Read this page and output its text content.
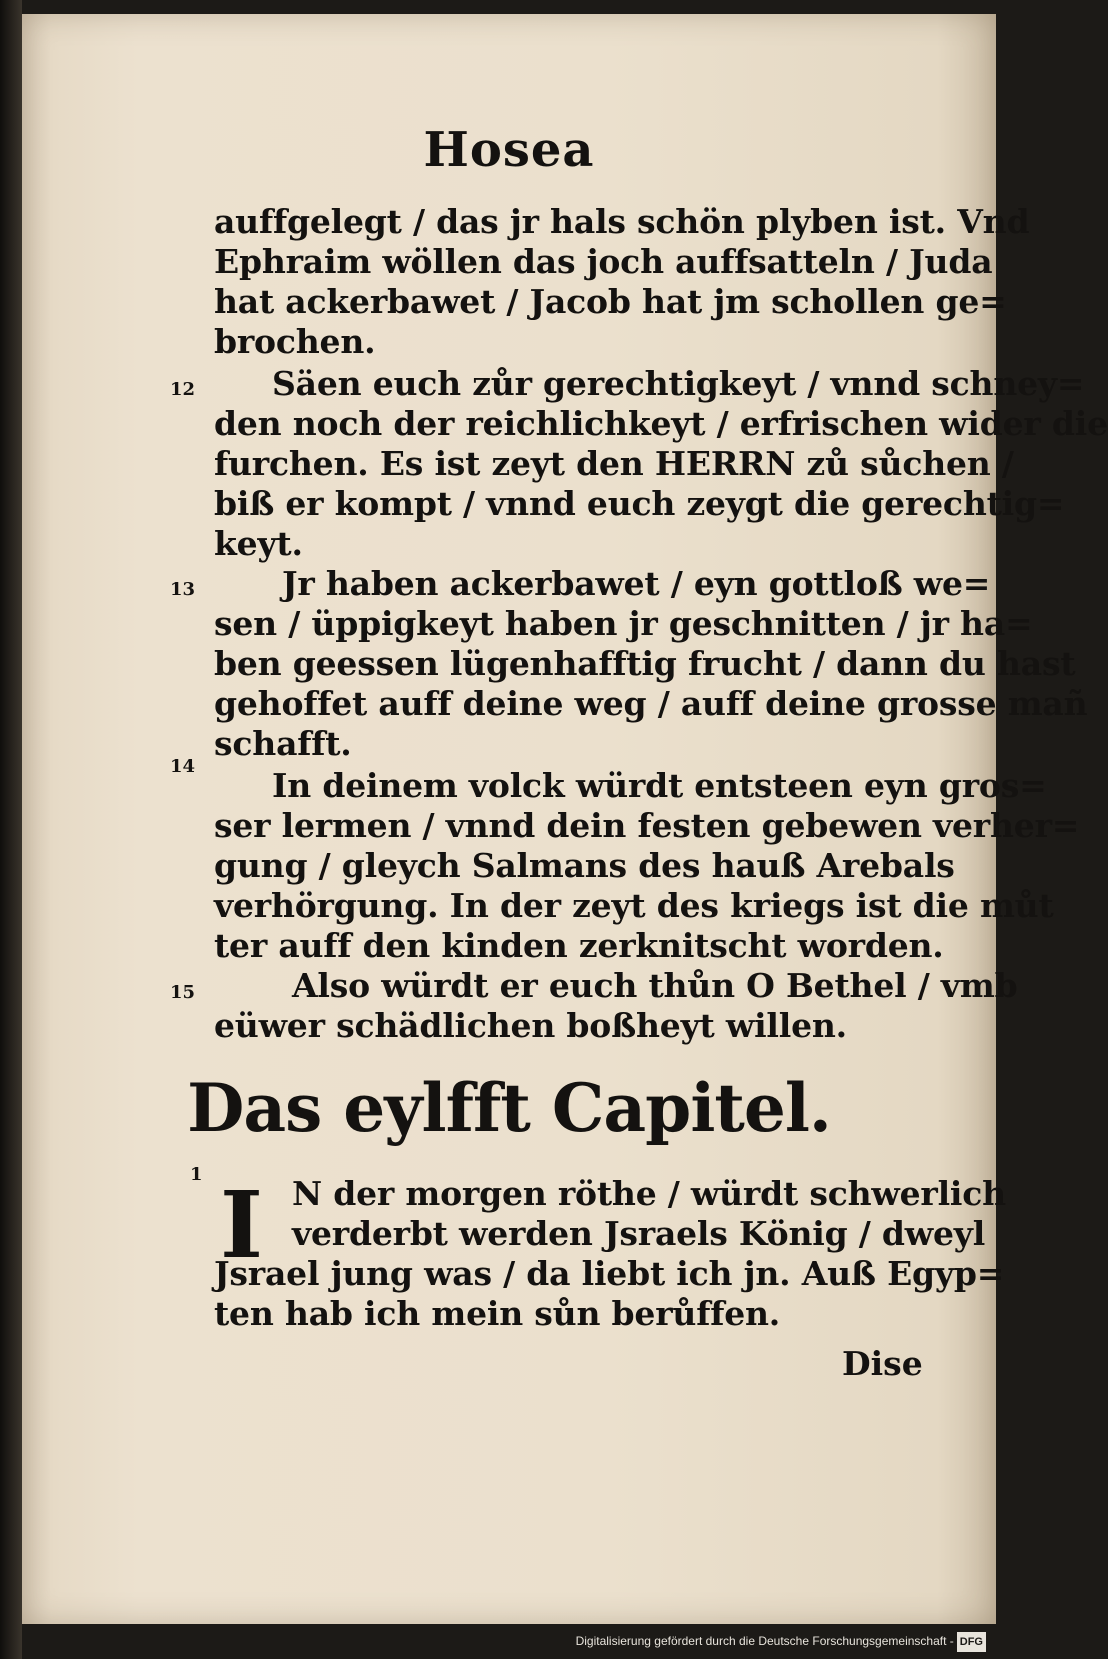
Hosea
auffgelegt / das jr hals schön plyben ist. Vnd
Ephraim wöllen das joch auffsatteln / Juda
hat ackerbawet / Jacob hat jm schollen ge=
brochen.
12 Säen euch zůr gerechtigkeyt / vnnd schney=
den noch der reichlichkeyt / erfrischen wider die
furchen. Es ist zeyt den HERRN zů sůchen /
biß er kompt / vnnd euch zeygt die gerechtig=
keyt.
13	Jr haben ackerbawet / eyn gottloß we=
sen / üppigkeyt haben jr geschnitten / jr ha=
ben geessen lügenhafftig frucht / dann du hast
gehoffet auff deine weg / auff deine grosse mañ
schafft.
14 In deinem volck würdt entsteen eyn gros=
ser lermen / vnnd dein festen gebewen verher=
gung / gleych Salmans des hauß Arebals
verhörgung. In der zeyt des kriegs ist die můt
ter auff den kinden zerknitscht worden.
15	Also würdt er euch thůn O Bethel / vmb
eüwer schädlichen boßheyt willen.
Das eylfft Capitel.
1 I N der morgen röthe / würdt schwerlich
verderbt werden Jsraels König / dweyl
Jsrael jung was / da liebt ich jn. Auß Egyp=
ten hab ich mein sůn berůffen.
Dise
Digitalisierung gefördert durch die Deutsche Forschungsgemeinschaft - DFG
